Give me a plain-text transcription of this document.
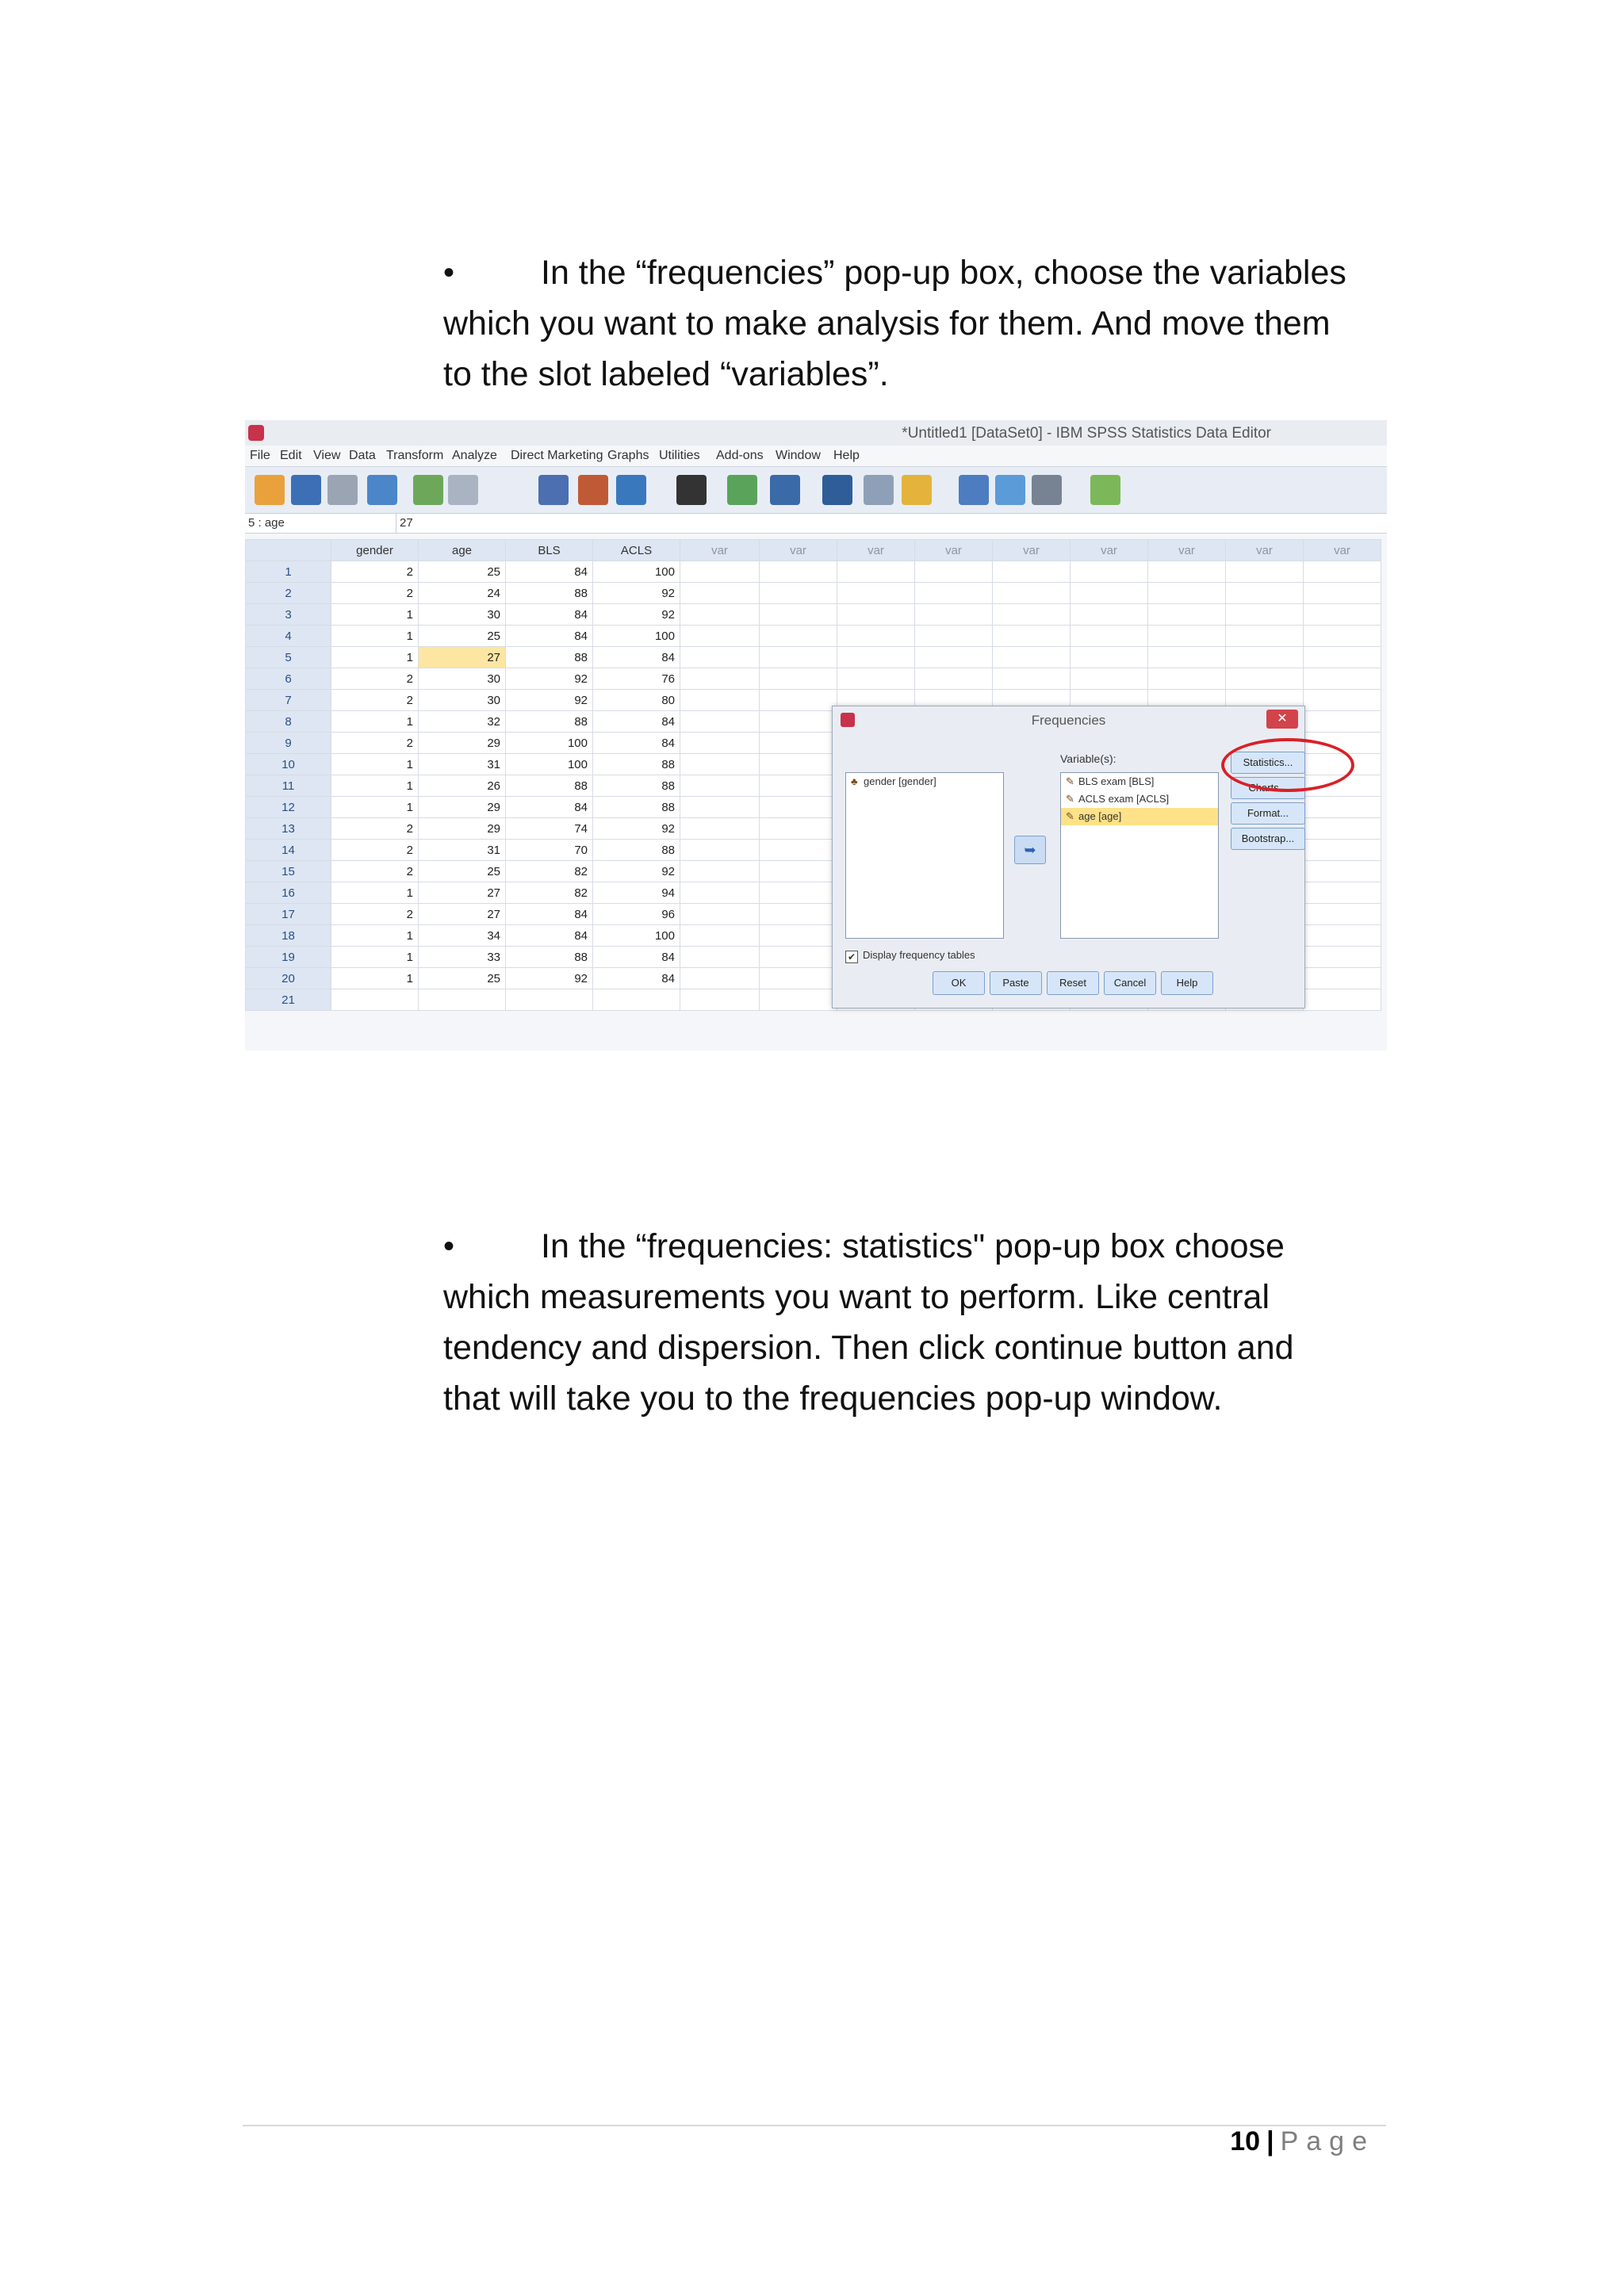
•	In the “frequencies” pop-up box, choose the variables
which you want to make analysis for them. And move them
to the slot labeled “variables”.
*Untitled1 [DataSet0] - IBM SPSS Statistics Data Editor
File Edit View Data Transform Analyze Direct Marketing Graphs Utilities Add-ons Window Help
5 : age	27
	gender	age	BLS	ACLS	var	var	var	var	var	var	var	var	var
1	2	25	84	100									
2	2	24	88	92									
3	1	30	84	92									
4	1	25	84	100									
5	1	27	88	84									
6	2	30	92	76									
7	2	30	92	80									
8	1	32	88	84									
9	2	29	100	84									
10	1	31	100	88									
11	1	26	88	88									
12	1	29	84	88									
13	2	29	74	92									
14	2	31	70	88									
15	2	25	82	92									
16	1	27	82	94									
17	2	27	84	96									
18	1	34	84	100									
19	1	33	88	84									
20	1	25	92	84									
21													
Frequencies	✕
♣ gender [gender]
Variable(s):
✎ BLS exam [BLS]
✎ ACLS exam [ACLS]
✎ age [age]
➥
Statistics...
Charts...
Format...
Bootstrap...
✔ Display frequency tables
OK	Paste	Reset	Cancel	Help
•	In the “frequencies: statistics" pop-up box choose
which measurements you want to perform. Like central
tendency and dispersion. Then click continue button and
that will take you to the frequencies pop-up window.
10 | Page
